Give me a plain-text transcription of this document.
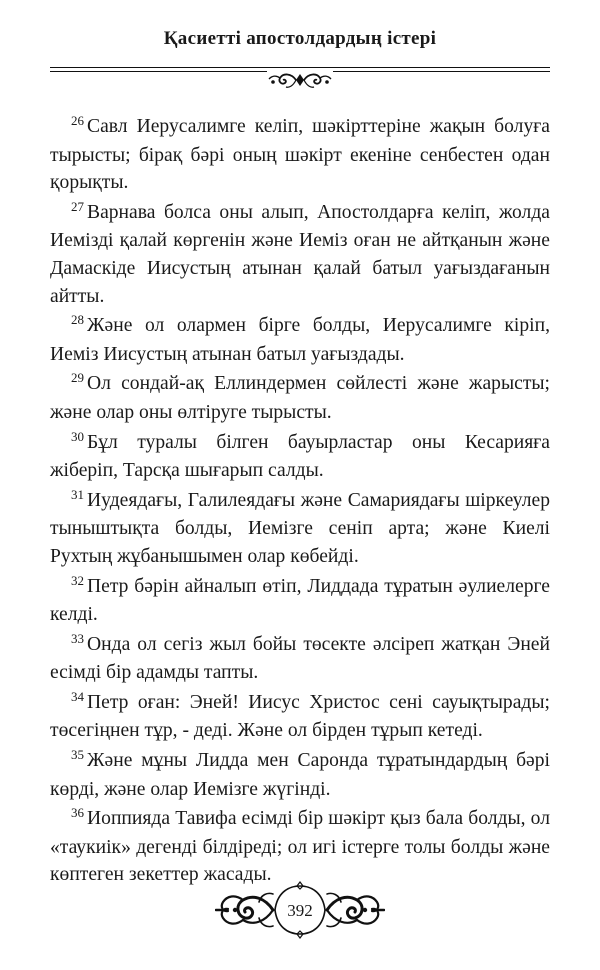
Қасиетті апостолдардың істері

$^{26}$ Савл Иерусалимге келіп, шәкірттеріне жақын болуға тырысты; бірақ бәрі оның шәкірт екеніне сенбестен одан қорықты.

$^{27}$ Варнава болса оны алып, Апостолдарға келіп, жолда Иемізді қалай көргенін және Иеміз оған не айтқанын және Дамаскіде Иисустың атынан қалай батыл уағыздағанын айтты.

$^{28}$ Және ол олармен бірге болды, Иерусалимге кіріп, Иеміз Иисустың атынан батыл уағыздады.

$^{29}$ Ол сондай-ақ Еллиндермен сөйлесті және жарысты; және олар оны өлтіруге тырысты.

$^{30}$ Бұл туралы білген бауырластар оны Кесарияға жіберіп, Тарсқа шығарып салды.

$^{31}$ Иудеядағы, Галилеядағы және Самариядағы шіркеулер тыныштықта болды, Иемізге сеніп арта; және Киелі Рухтың жұбанышымен олар көбейді.

$^{32}$ Петр бәрін айналып өтіп, Лиддада тұратын әулиелерге келді.

$^{33}$ Онда ол сегіз жыл бойы төсекте әлсіреп жатқан Эней есімді бір адамды тапты.

$^{34}$ Петр оған: Эней! Иисус Христос сені сауықтырады; төсегіңнен тұр, - деді. Және ол бірден тұрып кетеді.

$^{35}$ Және мұны Лидда мен Саронда тұратындардың бәрі көрді, және олар Иемізге жүгінді.

$^{36}$ Иоппияда Тавифа есімді бір шәкірт қыз бала болды, ол «таукиік» дегенді білдіреді; ол игі істерге толы болды және көптеген зекеттер жасады.

392
